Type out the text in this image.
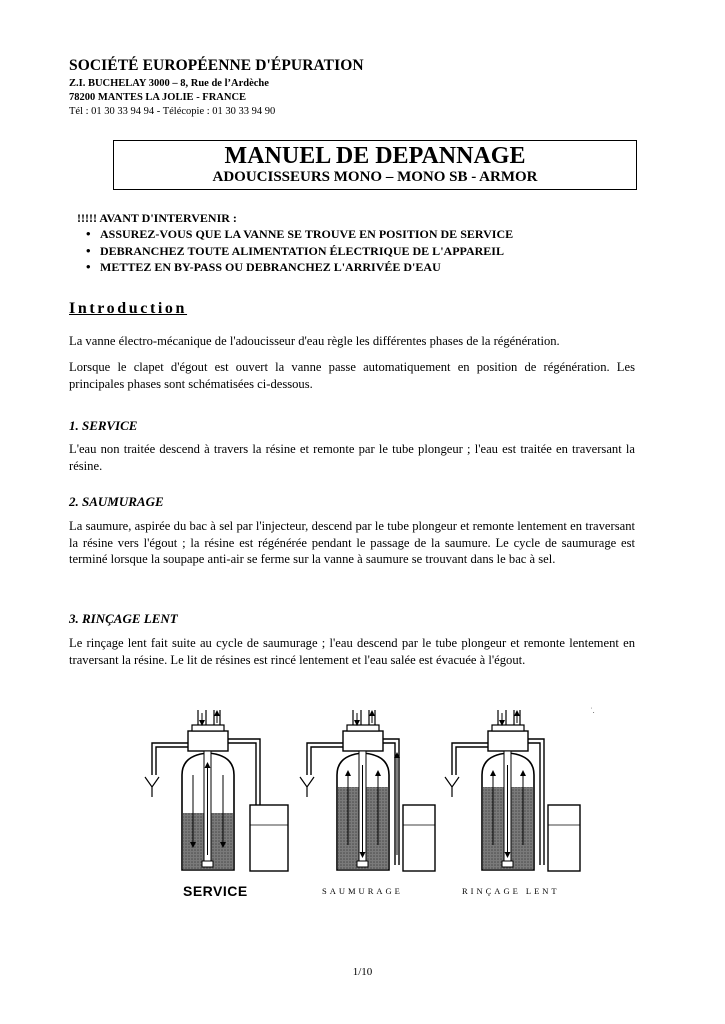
SOCIÉTÉ EUROPÉENNE D'ÉPURATION
Z.I. BUCHELAY 3000 – 8, Rue de l’Ardèche
78200 MANTES LA JOLIE - FRANCE
Tél : 01 30 33 94 94 - Télécopie : 01 30 33 94 90
MANUEL DE DEPANNAGE
ADOUCISSEURS MONO – MONO SB - ARMOR
!!!!! AVANT D'INTERVENIR :
• ASSUREZ-VOUS QUE LA VANNE SE TROUVE EN POSITION DE SERVICE
• DEBRANCHEZ TOUTE ALIMENTATION ÉLECTRIQUE DE L'APPAREIL
• METTEZ EN BY-PASS OU DEBRANCHEZ L'ARRIVÉE D'EAU
Introduction
La vanne électro-mécanique de l'adoucisseur d'eau règle les différentes phases de la régénération.
Lorsque le clapet d'égout est ouvert la vanne passe automatiquement en position de régénération. Les principales phases sont schématisées ci-dessous.
1. SERVICE
L'eau non traitée descend à travers la résine et remonte par le tube plongeur ; l'eau est traitée en traversant la résine.
2. SAUMURAGE
La saumure, aspirée du bac à sel par l'injecteur, descend par le tube plongeur et remonte lentement en traversant la résine vers l'égout ; la résine est régénérée pendant le passage de la saumure. Le cycle de saumurage est terminé lorsque la soupape anti-air se ferme sur la vanne à saumure se trouvant dans le bac à sel.
3. RINÇAGE LENT
Le rinçage lent fait suite au cycle de saumurage ; l'eau descend par le tube plongeur et remonte lentement en traversant la résine. Le lit de résines est rincé lentement et l'eau salée est évacuée à l'égout.
˙.
SERVICE	SAUMURAGE	RINÇAGE LENT
1/10
